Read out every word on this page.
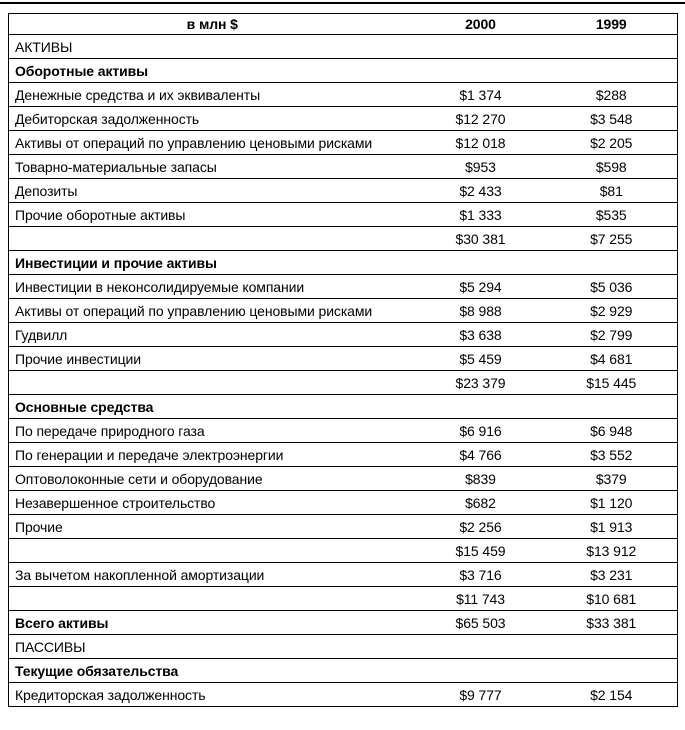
в млн $	2000	1999
АКТИВЫ		
Оборотные активы		
Денежные средства и их эквиваленты	$1 374	$288
Дебиторская задолженность	$12 270	$3 548
Активы от операций по управлению ценовыми рисками	$12 018	$2 205
Товарно-материальные запасы	$953	$598
Депозиты	$2 433	$81
Прочие оборотные активы	$1 333	$535
	$30 381	$7 255
Инвестиции и прочие активы		
Инвестиции в неконсолидируемые компании	$5 294	$5 036
Активы от операций по управлению ценовыми рисками	$8 988	$2 929
Гудвилл	$3 638	$2 799
Прочие инвестиции	$5 459	$4 681
	$23 379	$15 445
Основные средства		
По передаче природного газа	$6 916	$6 948
По генерации и передаче электроэнергии	$4 766	$3 552
Оптоволоконные сети и оборудование	$839	$379
Незавершенное строительство	$682	$1 120
Прочие	$2 256	$1 913
	$15 459	$13 912
За вычетом накопленной амортизации	$3 716	$3 231
	$11 743	$10 681
Всего активы	$65 503	$33 381
ПАССИВЫ		
Текущие обязательства		
Кредиторская задолженность	$9 777	$2 154
